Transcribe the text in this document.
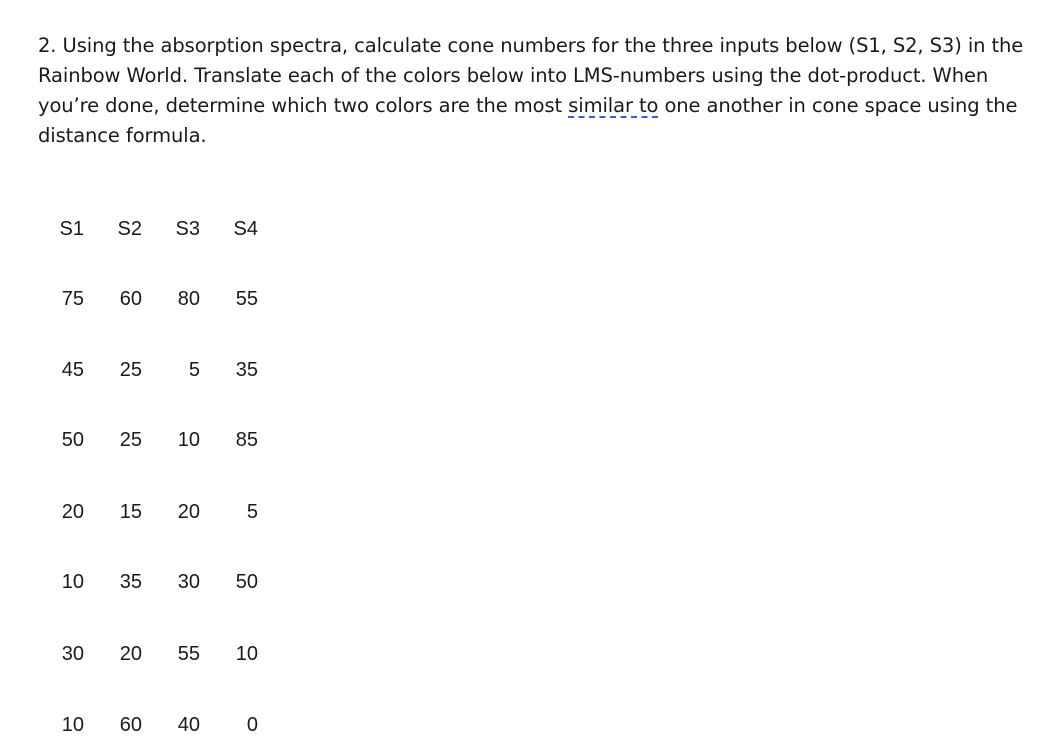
2. Using the absorption spectra, calculate cone numbers for the three inputs below (S1, S2, S3) in the Rainbow World. Translate each of the colors below into LMS-numbers using the dot-product. When you’re done, determine which two colors are the most similar to one another in cone space using the distance formula.
S1	S2	S3	S4
75	60	80	55
45	25	5	35
50	25	10	85
20	15	20	5
10	35	30	50
30	20	55	10
10	60	40	0
